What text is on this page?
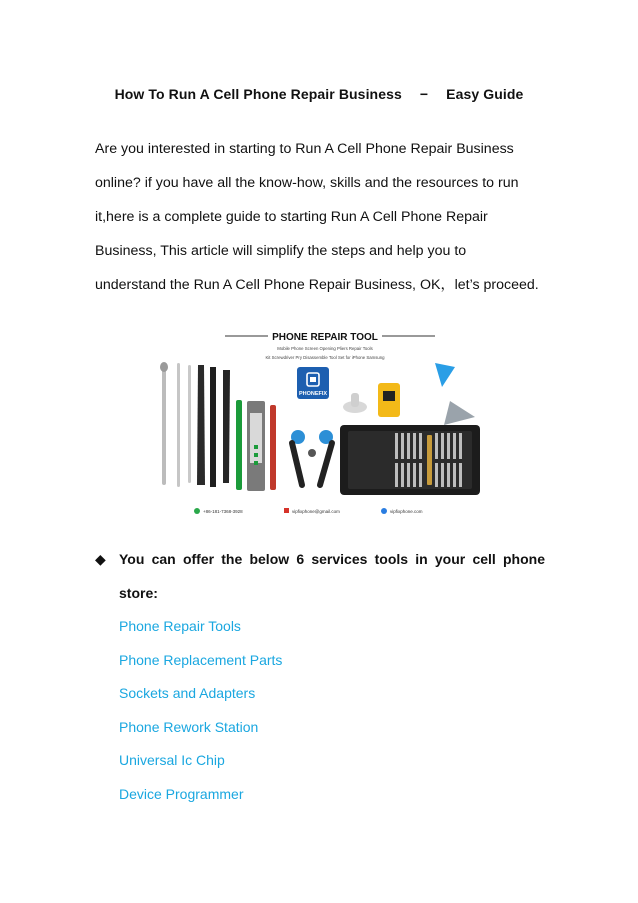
How To Run A Cell Phone Repair Business − Easy Guide

Are you interested in starting to Run A Cell Phone Repair Business

online? if you have all the know-how, skills and the resources to run

it,here is a complete guide to starting Run A Cell Phone Repair

Business, This article will simplify the steps and help you to

understand the Run A Cell Phone Repair Business, OK，let’s proceed.

PHONE REPAIR TOOL
Mobile Phone Screen Opening Pliers Repair Tools
Kit Screwdriver Pry Disassemble Tool Set for iPhone Samsung
PHONEFIX
+86-181-7368-3928	vipfixphone@gmail.com	vipfixphone.com
◆ You can offer the below 6 services tools in your cell phone
store:
Phone Repair Tools
Phone Replacement Parts
Sockets and Adapters
Phone Rework Station
Universal Ic Chip
Device Programmer
